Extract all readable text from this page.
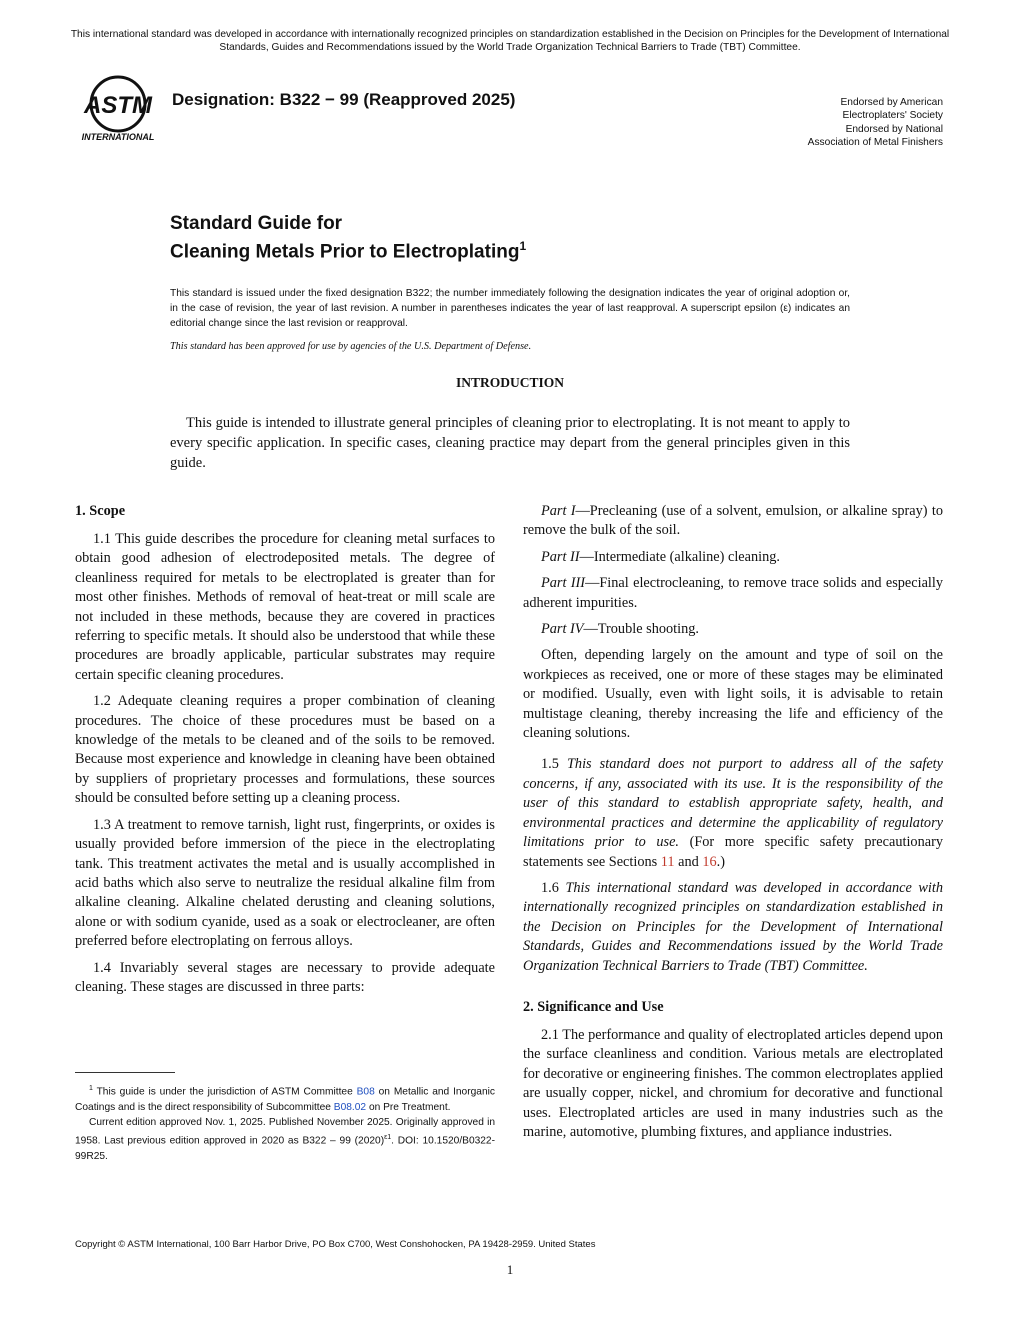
This international standard was developed in accordance with internationally recognized principles on standardization established in the Decision on Principles for the Development of International Standards, Guides and Recommendations issued by the World Trade Organization Technical Barriers to Trade (TBT) Committee.
ASTM
INTERNATIONAL
Designation: B322 − 99 (Reapproved 2025)	Endorsed by American
Electroplaters' Society
Endorsed by National
Association of Metal Finishers
Standard Guide for
Cleaning Metals Prior to Electroplating$^1$
This standard is issued under the fixed designation B322; the number immediately following the designation indicates the year of original adoption or, in the case of revision, the year of last revision. A number in parentheses indicates the year of last reapproval. A superscript epsilon (ε) indicates an editorial change since the last revision or reapproval.
This standard has been approved for use by agencies of the U.S. Department of Defense.
INTRODUCTION
This guide is intended to illustrate general principles of cleaning prior to electroplating. It is not meant to apply to every specific application. In specific cases, cleaning practice may depart from the general principles given in this guide.
1. Scope

1.1 This guide describes the procedure for cleaning metal surfaces to obtain good adhesion of electrodeposited metals. The degree of cleanliness required for metals to be electroplated is greater than for most other finishes. Methods of removal of heat-treat or mill scale are not included in these methods, because they are covered in practices referring to specific metals. It should also be understood that while these procedures are broadly applicable, particular substrates may require certain specific cleaning procedures.

1.2 Adequate cleaning requires a proper combination of cleaning procedures. The choice of these procedures must be based on a knowledge of the metals to be cleaned and of the soils to be removed. Because most experience and knowledge in cleaning have been obtained by suppliers of proprietary processes and formulations, these sources should be consulted before setting up a cleaning process.

1.3 A treatment to remove tarnish, light rust, fingerprints, or oxides is usually provided before immersion of the piece in the electroplating tank. This treatment activates the metal and is usually accomplished in acid baths which also serve to neutralize the residual alkaline film from alkaline cleaning. Alkaline chelated derusting and cleaning solutions, alone or with sodium cyanide, used as a soak or electrocleaner, are often preferred before electroplating on ferrous alloys.

1.4 Invariably several stages are necessary to provide adequate cleaning. These stages are discussed in three parts:

Part I—Precleaning (use of a solvent, emulsion, or alkaline spray) to remove the bulk of the soil.

Part II—Intermediate (alkaline) cleaning.

Part III—Final electrocleaning, to remove trace solids and especially adherent impurities.

Part IV—Trouble shooting.

Often, depending largely on the amount and type of soil on the workpieces as received, one or more of these stages may be eliminated or modified. Usually, even with light soils, it is advisable to retain multistage cleaning, thereby increasing the life and efficiency of the cleaning solutions.

1.5 This standard does not purport to address all of the safety concerns, if any, associated with its use. It is the responsibility of the user of this standard to establish appropriate safety, health, and environmental practices and determine the applicability of regulatory limitations prior to use. (For more specific safety precautionary statements see Sections 11 and 16.)

1.6 This international standard was developed in accordance with internationally recognized principles on standardization established in the Decision on Principles for the Development of International Standards, Guides and Recommendations issued by the World Trade Organization Technical Barriers to Trade (TBT) Committee.

2. Significance and Use

2.1 The performance and quality of electroplated articles depend upon the surface cleanliness and condition. Various metals are electroplated for decorative or engineering finishes. The common electroplates applied are usually copper, nickel, and chromium for decorative and functional uses. Electroplated articles are used in many industries such as the marine, automotive, plumbing fixtures, and appliance industries.

$^1$ This guide is under the jurisdiction of ASTM Committee B08 on Metallic and Inorganic Coatings and is the direct responsibility of Subcommittee B08.02 on Pre Treatment.

Current edition approved Nov. 1, 2025. Published November 2025. Originally approved in 1958. Last previous edition approved in 2020 as B322 – 99 $(2020)^{\varepsilon 1}$. DOI: 10.1520/B0322-99R25.

Copyright © ASTM International, 100 Barr Harbor Drive, PO Box C700, West Conshohocken, PA 19428-2959. United States
1
